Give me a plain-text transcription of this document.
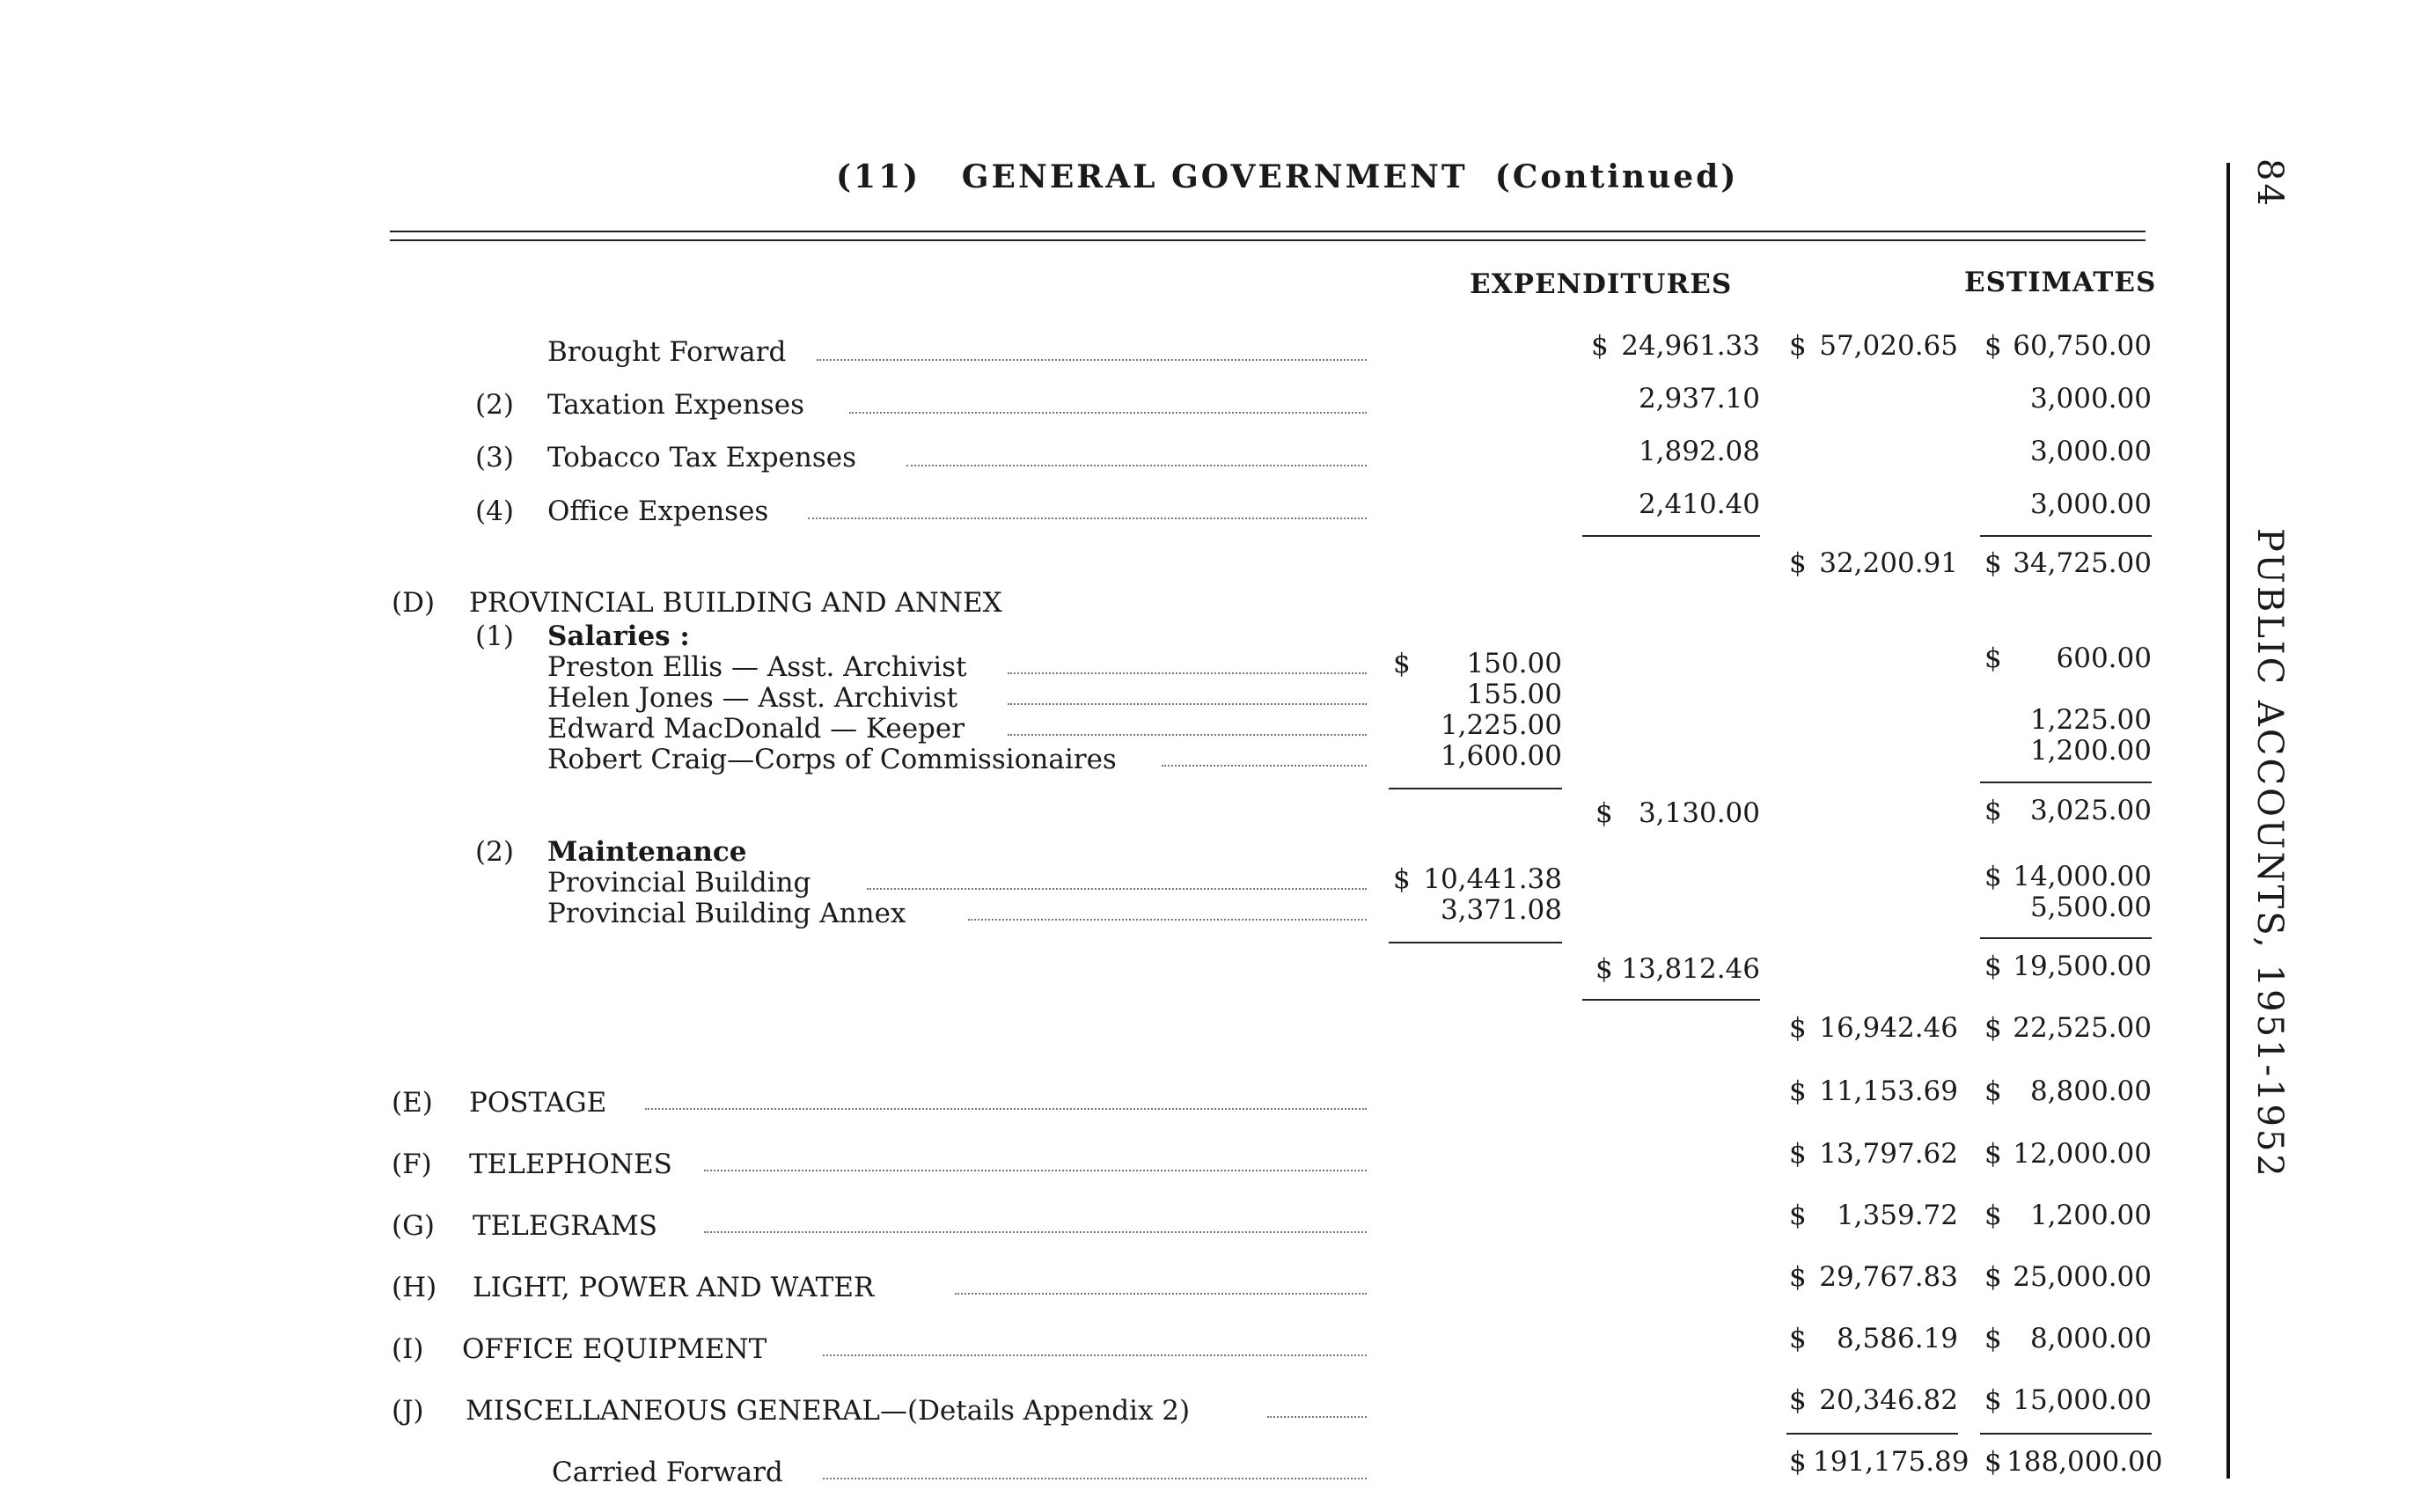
(11) GENERAL GOVERNMENT (Continued)	84
PUBLIC ACCOUNTS, 1951-1952
EXPENDITURES	ESTIMATES
Brought Forward	$ 24,961.33 $ 57,020.65 $ 60,750.00
(2) Taxation Expenses	2,937.10	3,000.00
(3) Tobacco Tax Expenses	1,892.08	3,000.00
(4) Office Expenses	2,410.40	3,000.00
$ 32,200.91 $ 34,725.00
(D) PROVINCIAL BUILDING AND ANNEX
(1) Salaries :
Preston Ellis — Asst. Archivist	$	150.00	$	600.00
Helen Jones — Asst. Archivist	155.00
Edward MacDonald — Keeper	1,225.00	1,225.00
Robert Craig—Corps of Commissionaires	1,600.00	1,200.00
$ 3,130.00	$	3,025.00
(2) Maintenance
Provincial Building	$ 10,441.38	$ 14,000.00
Provincial Building Annex	3,371.08	5,500.00
$ 13,812.46	$ 19,500.00
$ 16,942.46 $ 22,525.00
(E) POSTAGE	$ 11,153.69 $	8,800.00
(F) TELEPHONES	$ 13,797.62 $ 12,000.00
(G) TELEGRAMS	$	1,359.72 $	1,200.00
(H) LIGHT, POWER AND WATER	$ 29,767.83 $ 25,000.00
(I) OFFICE EQUIPMENT	$	8,586.19 $	8,000.00
(J) MISCELLANEOUS GENERAL—(Details Appendix 2)	$ 20,346.82 $ 15,000.00
Carried Forward	$ 191,175.89 $ 188,000.00
